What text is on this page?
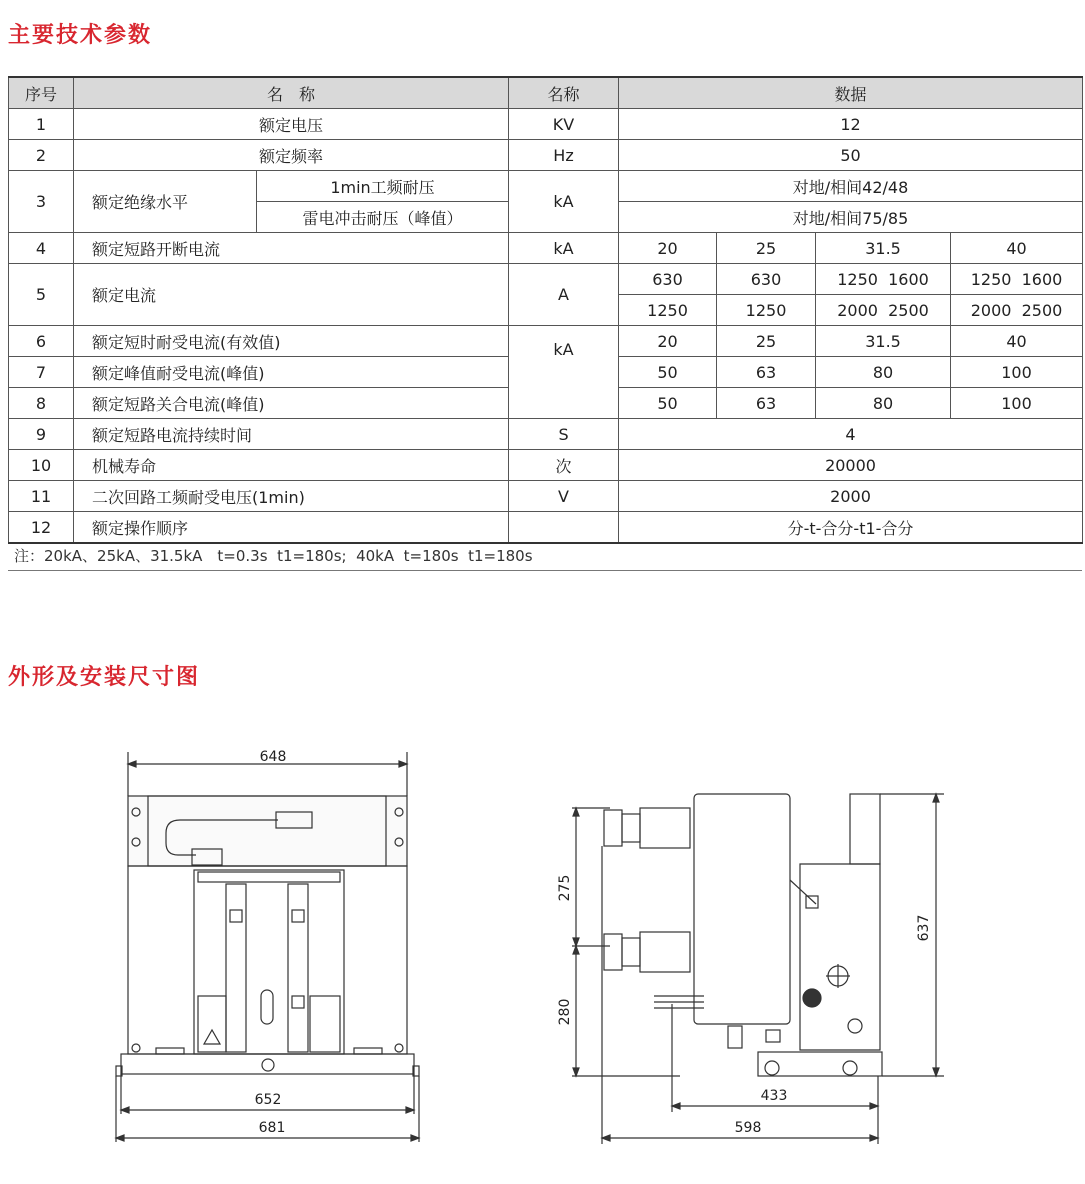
主要技术参数
序号	名　称		名称	数据			
1	额定电压		KV	12			
2	额定频率		Hz	50			
3	额定绝缘水平	1min工频耐压	kA	对地/相间42/48			
		雷电冲击耐压（峰值）		对地/相间75/85			
4	额定短路开断电流		kA	20	25	31.5	40
5	额定电流		A	630	630	1250  1600	1250  1600
				1250	1250	2000  2500	2000  2500
6	额定短时耐受电流(有效值)		kA	20	25	31.5	40
7	额定峰值耐受电流(峰值)			50	63	80	100
8	额定短路关合电流(峰值)			50	63	80	100
9	额定短路电流持续时间		S	4			
10	机械寿命		次	20000			
11	二次回路工频耐受电压(1min)		V	2000			
12	额定操作顺序			分-t-合分-t1-合分			
注：20kA、25kA、31.5kA　t=0.3s  t1=180s;  40kA  t=180s  t1=180s
外形及安装尺寸图
648
652
681
275
280
637
433
598
